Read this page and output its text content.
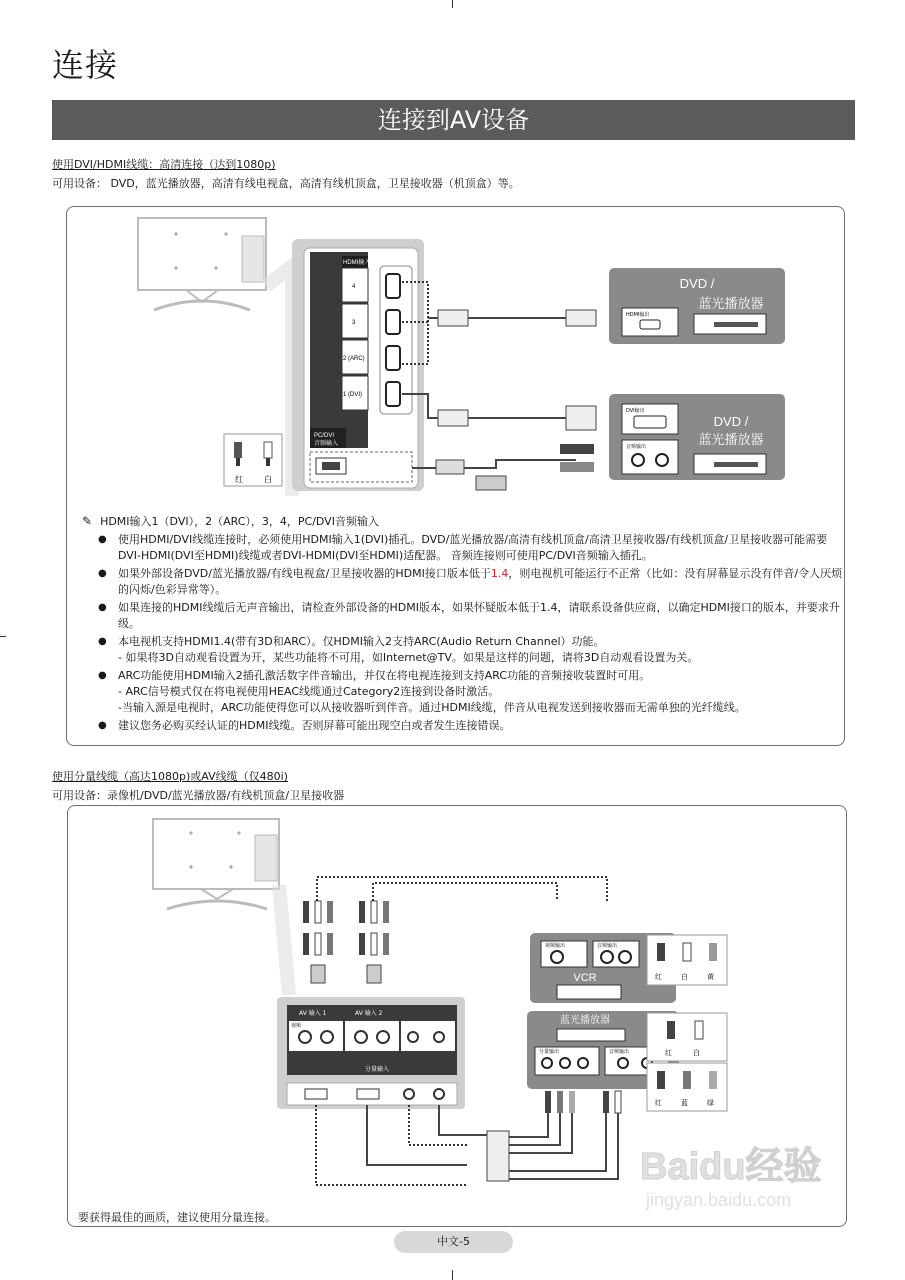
连接
连接到AV设备
使用DVI/HDMI线缆：高清连接（达到1080p)
可用设备： DVD，蓝光播放器，高清有线电视盒，高清有线机顶盒，卫星接收器（机顶盒）等。
HDMI输入
4
3
2 (ARC)
1 (DVI)
PC/DVI
音频输入
DVD /
蓝光播放器
HDMI输出
DVD /
蓝光播放器
DVI输出
音频输出
红	白
✎ HDMI输入1（DVI），2（ARC），3，4，PC/DVI音频输入
● 使用HDMI/DVI线缆连接时，必须使用HDMI输入1(DVI)插孔。DVD/蓝光播放器/高清有线机顶盒/高清卫星接收器/有线机顶盒/卫星接收器可能需要DVI-HDMI(DVI至HDMI)线缆或者DVI-HDMI(DVI至HDMI)适配器。 音频连接则可使用PC/DVI音频输入插孔。
● 如果外部设备DVD/蓝光播放器/有线电视盒/卫星接收器的HDMI接口版本低于1.4，则电视机可能运行不正常（比如：没有屏幕显示没有伴音/令人厌烦的闪烁/色彩异常等）。
● 如果连接的HDMI线缆后无声音输出，请检查外部设备的HDMI版本，如果怀疑版本低于1.4，请联系设备供应商，以确定HDMI接口的版本，并要求升级。
● 本电视机支持HDMI1.4(带有3D和ARC）。仅HDMI输入2支持ARC(Audio Return Channel）功能。
- 如果将3D自动观看设置为开，某些功能将不可用，如Internet@TV。如果是这样的问题，请将3D自动观看设置为关。
● ARC功能使用HDMI输入2插孔激活数字伴音输出，并仅在将电视连接到支持ARC功能的音频接收装置时可用。
- ARC信号模式仅在将电视使用HEAC线缆通过Category2连接到设备时激活。
-当输入源是电视时，ARC功能使得您可以从接收器听到伴音。通过HDMI线缆，伴音从电视发送到接收器而无需单独的光纤缆线。
● 建议您务必购买经认证的HDMI线缆。否则屏幕可能出现空白或者发生连接错误。
使用分量线缆（高达1080p)或AV线缆（仅480i)
可用设备：录像机/DVD/蓝光播放器/有线机顶盒/卫星接收器
AV 输入 1	AV 输入 2
视频
分量输入
视频输出	音频输出
VCR
蓝光播放器
分量输出	音频输出
红	白	黄
红	白
红	蓝	绿
要获得最佳的画质，建议使用分量连接。
Baidu经验
jingyan.baidu.com
中文-5
